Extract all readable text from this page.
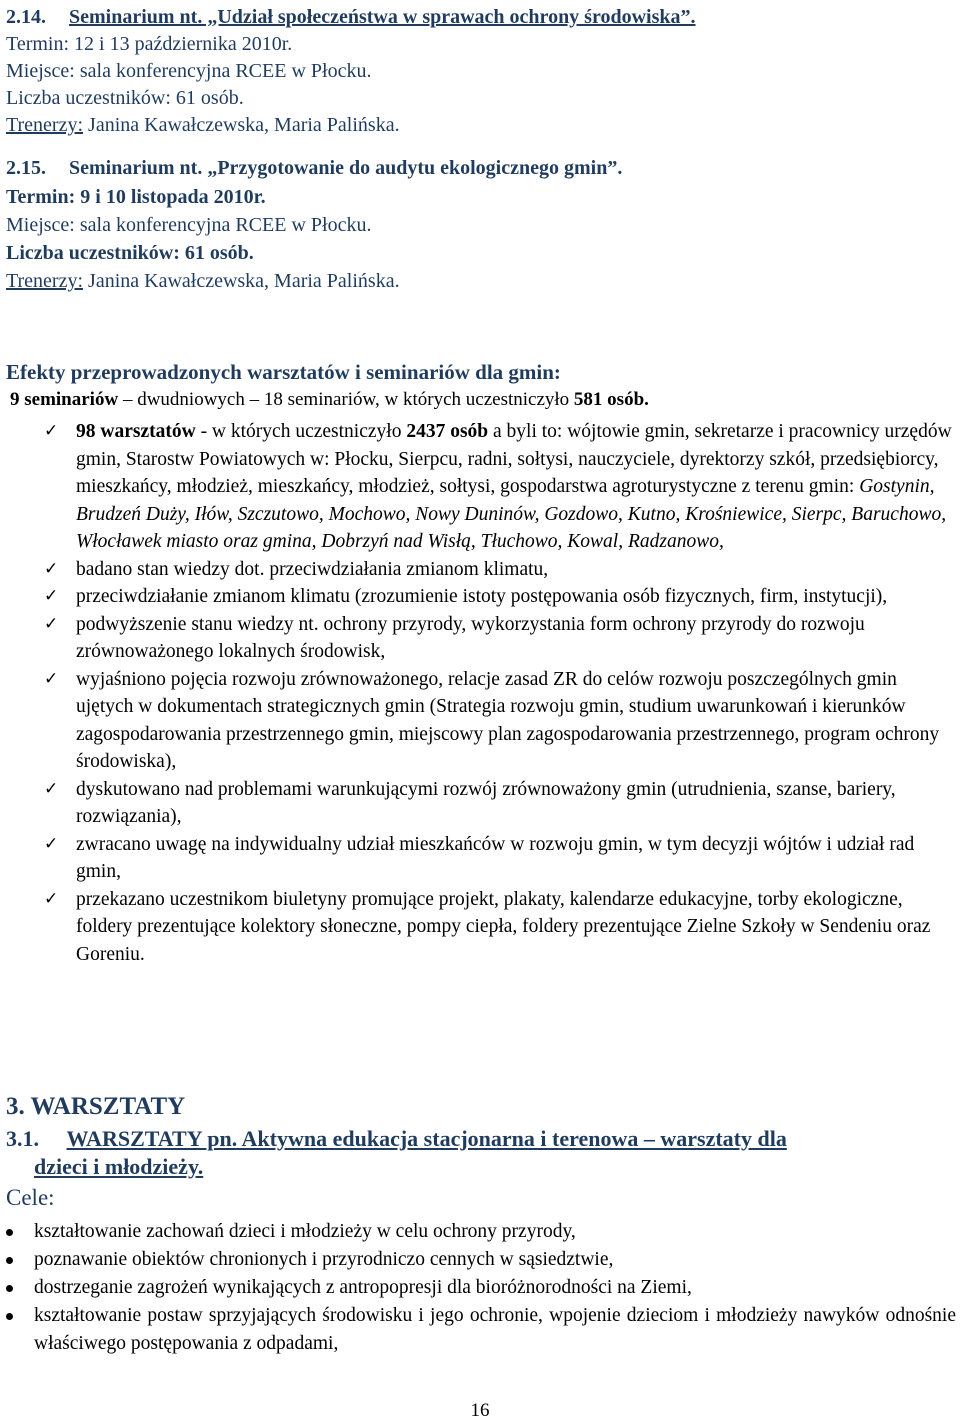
2.14. Seminarium nt. „Udział społeczeństwa w sprawach ochrony środowiska”.
Termin: 12 i 13 października 2010r.
Miejsce: sala konferencyjna RCEE w Płocku.
Liczba uczestników: 61 osób.
Trenerzy: Janina Kawałczewska, Maria Palińska.
2.15. Seminarium nt. „Przygotowanie do audytu ekologicznego gmin”.
Termin: 9 i 10 listopada 2010r.
Miejsce: sala konferencyjna RCEE w Płocku.
Liczba uczestników: 61 osób.
Trenerzy: Janina Kawałczewska, Maria Palińska.
Efekty przeprowadzonych warsztatów i seminariów dla gmin:
9 seminariów – dwudniowych – 18 seminariów, w których uczestniczyło 581 osób.
✓ 98 warsztatów - w których uczestniczyło 2437 osób a byli to: wójtowie gmin, sekretarze i pracownicy urzędów gmin, Starostw Powiatowych w: Płocku, Sierpcu, radni, sołtysi, nauczyciele, dyrektorzy szkół, przedsiębiorcy, mieszkańcy, młodzież, mieszkańcy, młodzież, sołtysi, gospodarstwa agroturystyczne z terenu gmin: Gostynin, Brudzeń Duży, Iłów, Szczutowo, Mochowo, Nowy Duninów, Gozdowo, Kutno, Krośniewice, Sierpc, Baruchowo, Włocławek miasto oraz gmina, Dobrzyń nad Wisłą, Tłuchowo, Kowal, Radzanowo,
✓ badano stan wiedzy dot. przeciwdziałania zmianom klimatu,
✓ przeciwdziałanie zmianom klimatu (zrozumienie istoty postępowania osób fizycznych, firm, instytucji),
✓ podwyższenie stanu wiedzy nt. ochrony przyrody, wykorzystania form ochrony przyrody do rozwoju zrównoważonego lokalnych środowisk,
✓ wyjaśniono pojęcia rozwoju zrównoważonego, relacje zasad ZR do celów rozwoju poszczególnych gmin ujętych w dokumentach strategicznych gmin (Strategia rozwoju gmin, studium uwarunkowań i kierunków zagospodarowania przestrzennego gmin, miejscowy plan zagospodarowania przestrzennego, program ochrony środowiska),
✓ dyskutowano nad problemami warunkującymi rozwój zrównoważony gmin (utrudnienia, szanse, bariery, rozwiązania),
✓ zwracano uwagę na indywidualny udział mieszkańców w rozwoju gmin, w tym decyzji wójtów i udział rad gmin,
✓ przekazano uczestnikom biuletyny promujące projekt, plakaty, kalendarze edukacyjne, torby ekologiczne, foldery prezentujące kolektory słoneczne, pompy ciepła, foldery prezentujące Zielne Szkoły w Sendeniu oraz Goreniu.
3. WARSZTATY
3.1. WARSZTATY pn. Aktywna edukacja stacjonarna i terenowa – warsztaty dla
dzieci i młodzieży.
Cele:
kształtowanie zachowań dzieci i młodzieży w celu ochrony przyrody,
poznawanie obiektów chronionych i przyrodniczo cennych w sąsiedztwie,
dostrzeganie zagrożeń wynikających z antropopresji dla bioróżnorodności na Ziemi,
kształtowanie postaw sprzyjających środowisku i jego ochronie, wpojenie dzieciom i młodzieży nawyków odnośnie właściwego postępowania z odpadami,
16
